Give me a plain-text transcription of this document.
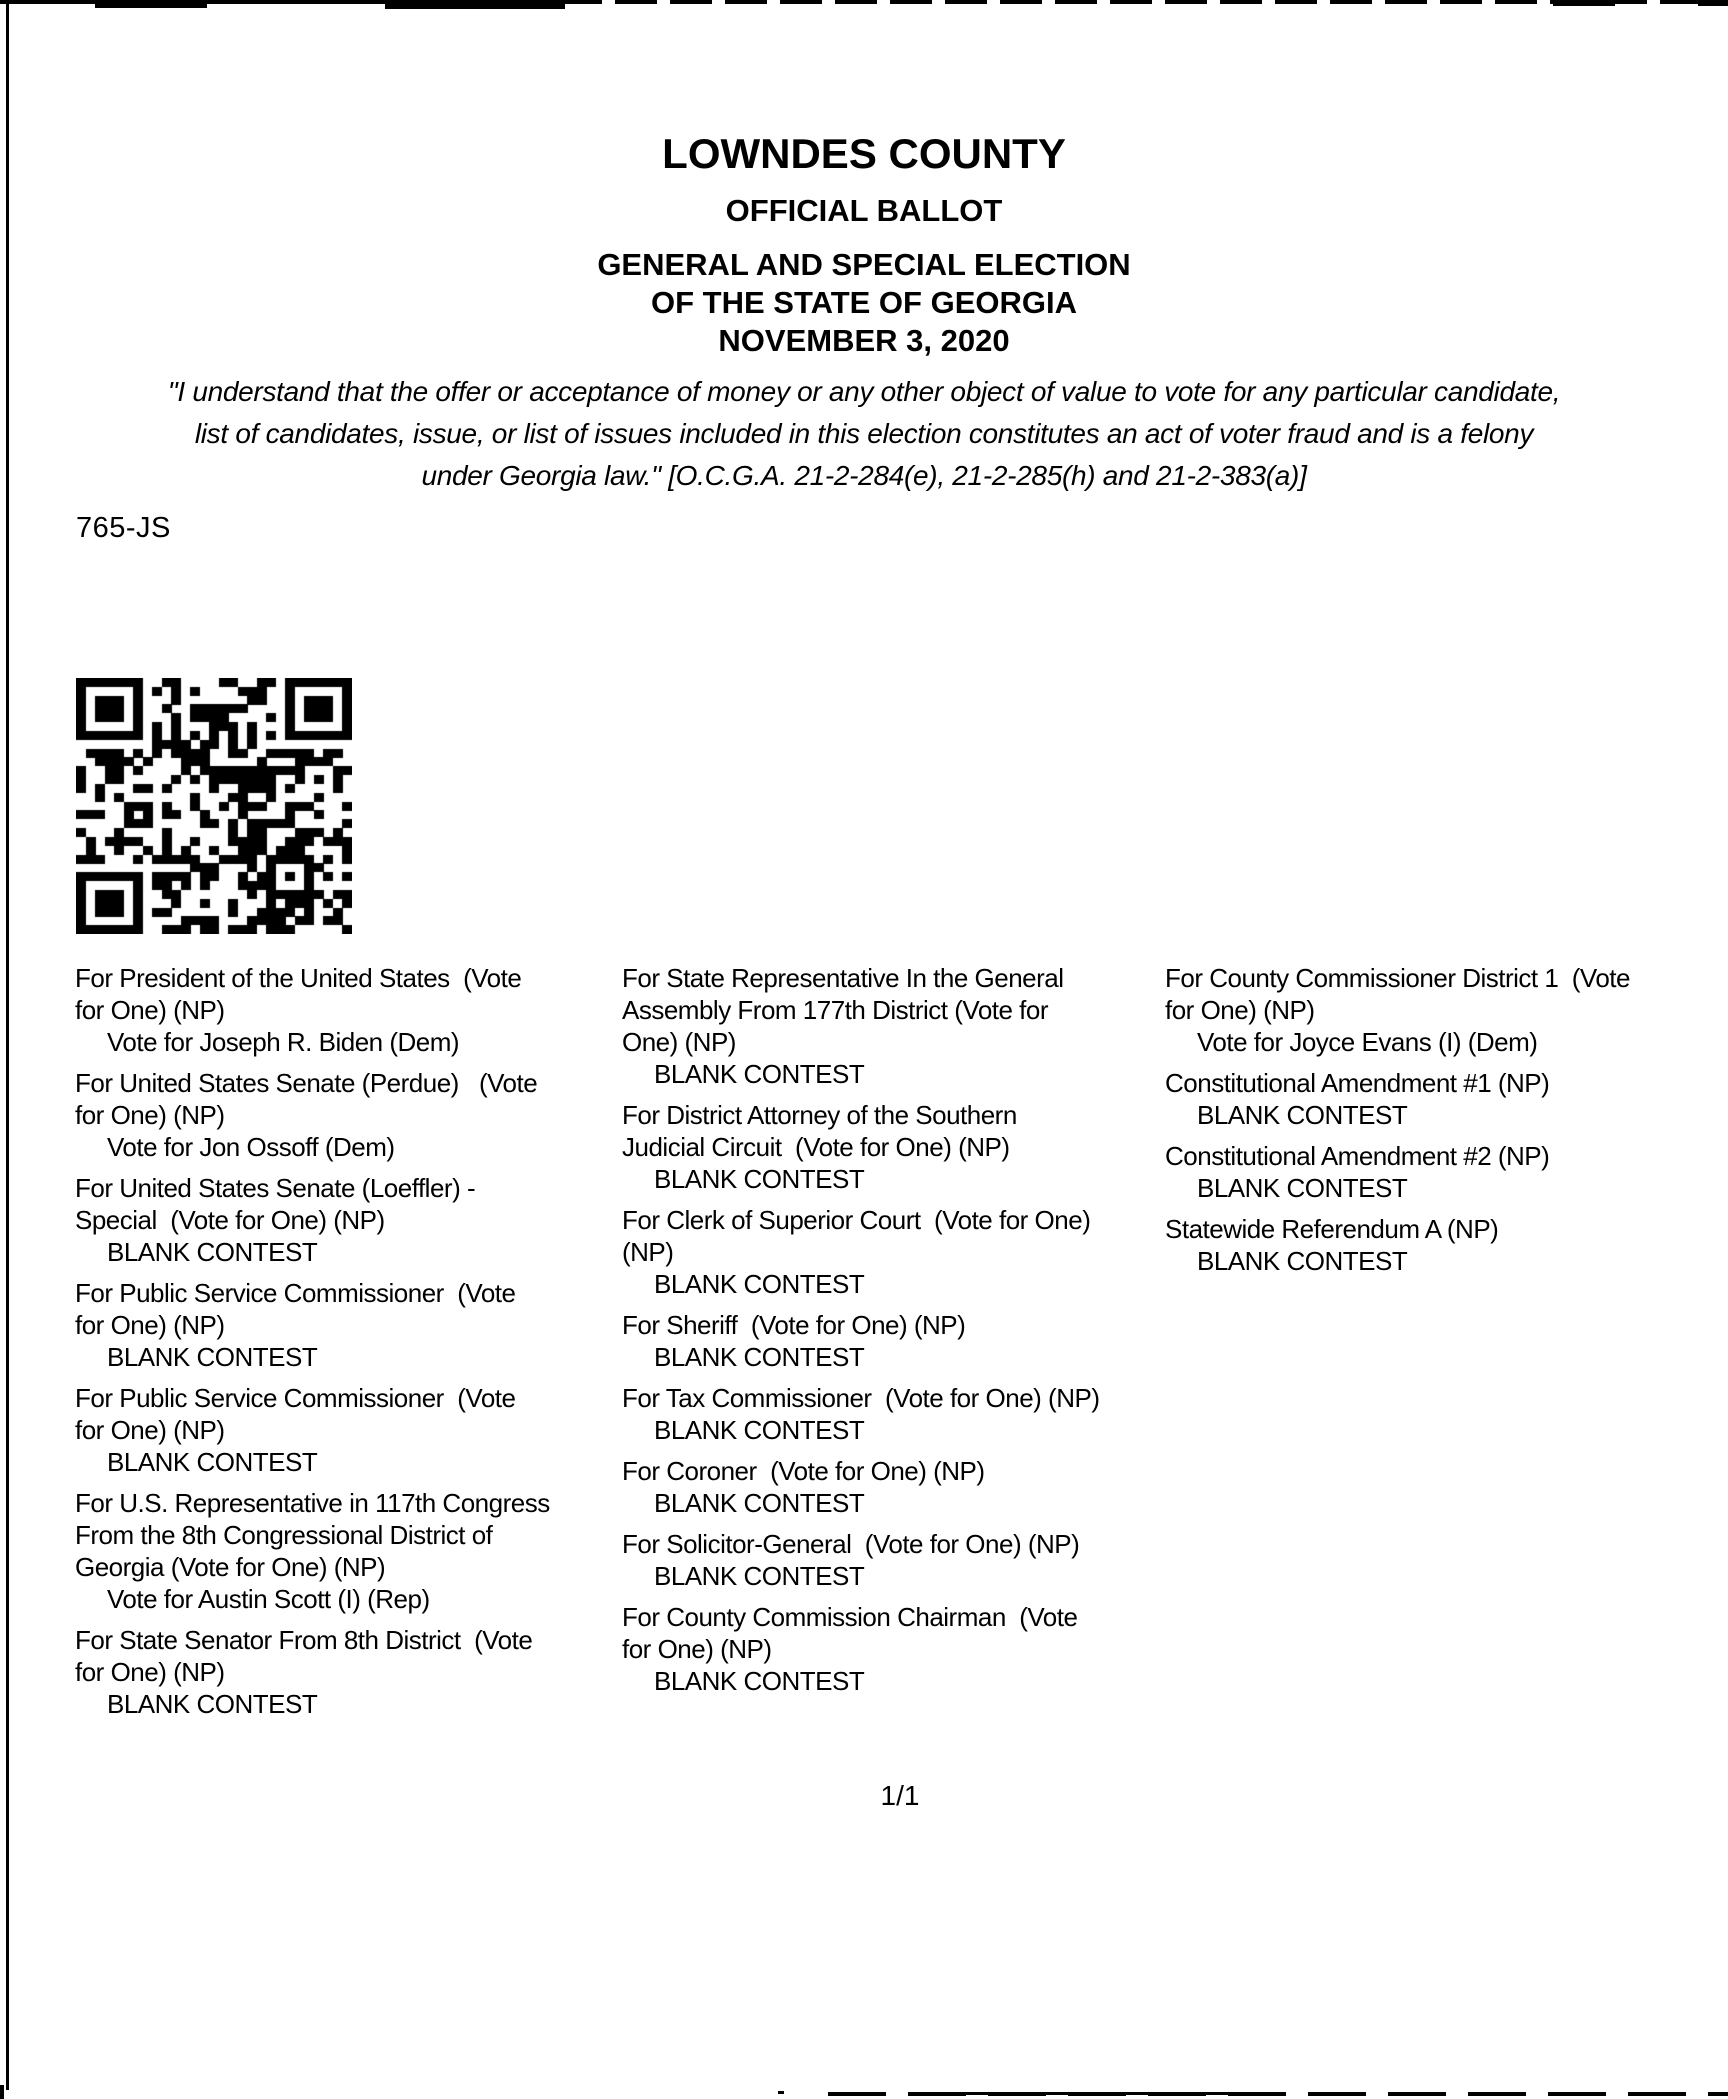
LOWNDES COUNTY
OFFICIAL BALLOT
GENERAL AND SPECIAL ELECTION
OF THE STATE OF GEORGIA
NOVEMBER 3, 2020
"I understand that the offer or acceptance of money or any other object of value to vote for any particular candidate,
list of candidates, issue, or list of issues included in this election constitutes an act of voter fraud and is a felony
under Georgia law." [O.C.G.A. 21-2-284(e), 21-2-285(h) and 21-2-383(a)]
765-JS
For President of the United States  (Vote
for One) (NP)
Vote for Joseph R. Biden (Dem)
For United States Senate (Perdue)   (Vote
for One) (NP)
Vote for Jon Ossoff (Dem)
For United States Senate (Loeffler) -
Special  (Vote for One) (NP)
BLANK CONTEST
For Public Service Commissioner  (Vote
for One) (NP)
BLANK CONTEST
For Public Service Commissioner  (Vote
for One) (NP)
BLANK CONTEST
For U.S. Representative in 117th Congress
From the 8th Congressional District of
Georgia (Vote for One) (NP)
Vote for Austin Scott (I) (Rep)
For State Senator From 8th District  (Vote
for One) (NP)
BLANK CONTEST
For State Representative In the General
Assembly From 177th District (Vote for
One) (NP)
BLANK CONTEST
For District Attorney of the Southern
Judicial Circuit  (Vote for One) (NP)
BLANK CONTEST
For Clerk of Superior Court  (Vote for One)
(NP)
BLANK CONTEST
For Sheriff  (Vote for One) (NP)
BLANK CONTEST
For Tax Commissioner  (Vote for One) (NP)
BLANK CONTEST
For Coroner  (Vote for One) (NP)
BLANK CONTEST
For Solicitor-General  (Vote for One) (NP)
BLANK CONTEST
For County Commission Chairman  (Vote
for One) (NP)
BLANK CONTEST
For County Commissioner District 1  (Vote
for One) (NP)
Vote for Joyce Evans (I) (Dem)
Constitutional Amendment #1 (NP)
BLANK CONTEST
Constitutional Amendment #2 (NP)
BLANK CONTEST
Statewide Referendum A (NP)
BLANK CONTEST
1/1
